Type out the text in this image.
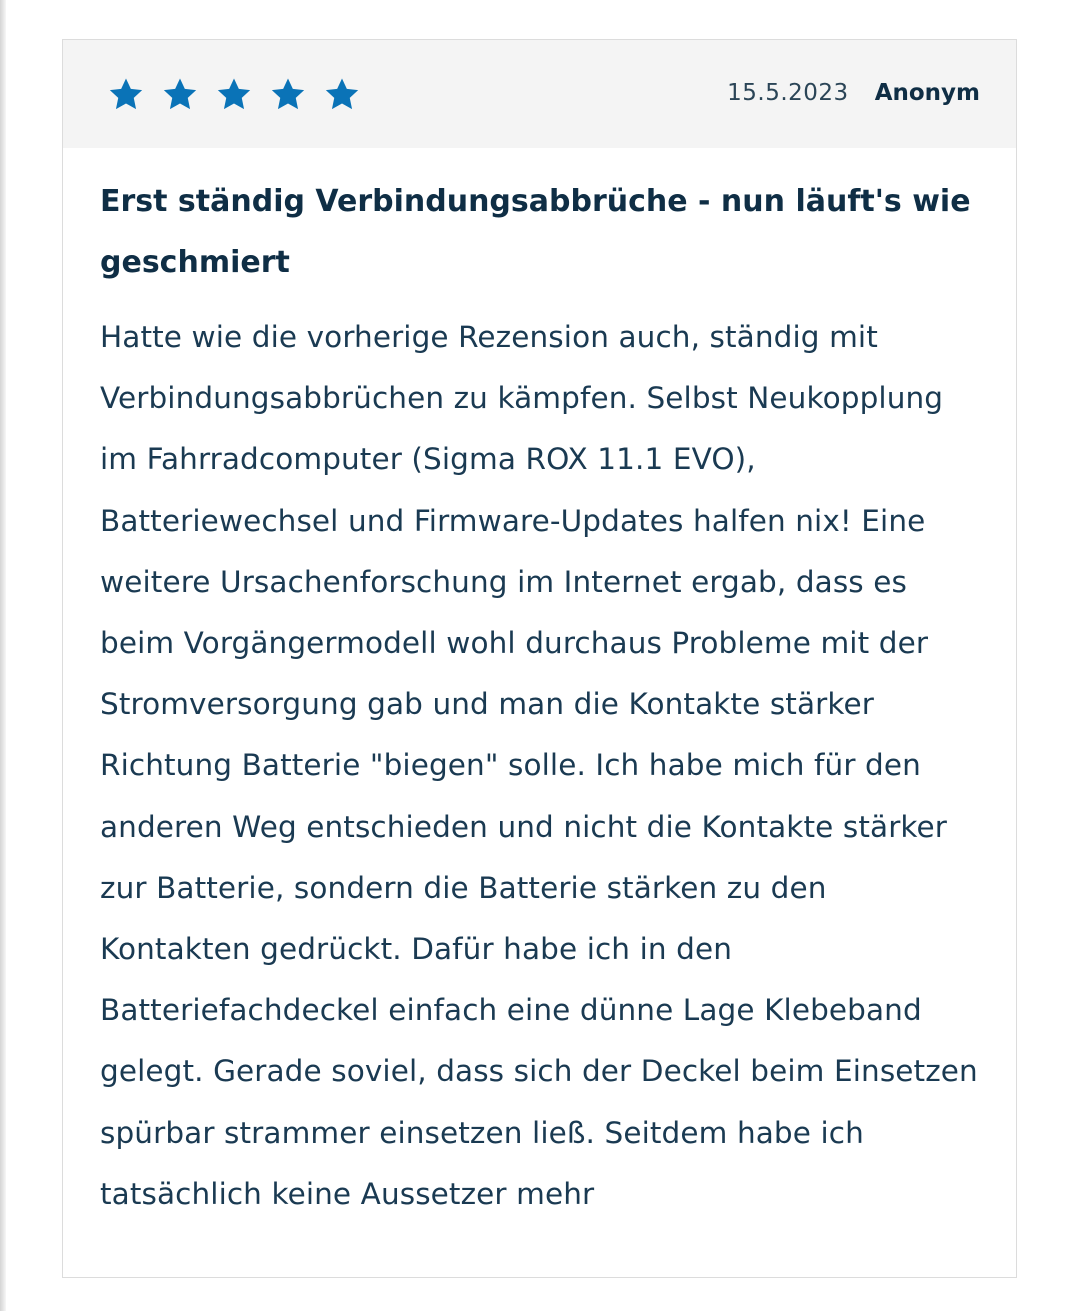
15.5.2023 Anonym
Erst ständig Verbindungsabbrüche - nun läuft's wie geschmiert

Hatte wie die vorherige Rezension auch, ständig mit Verbindungsabbrüchen zu kämpfen. Selbst Neukopplung im Fahrradcomputer (Sigma ROX 11.1 EVO), Batteriewechsel und Firmware-Updates halfen nix! Eine weitere Ursachenforschung im Internet ergab, dass es beim Vorgängermodell wohl durchaus Probleme mit der Stromversorgung gab und man die Kontakte stärker Richtung Batterie "biegen" solle. Ich habe mich für den anderen Weg entschieden und nicht die Kontakte stärker zur Batterie, sondern die Batterie stärken zu den Kontakten gedrückt. Dafür habe ich in den Batteriefachdeckel einfach eine dünne Lage Klebeband gelegt. Gerade soviel, dass sich der Deckel beim Einsetzen spürbar strammer einsetzen ließ. Seitdem habe ich tatsächlich keine Aussetzer mehr
